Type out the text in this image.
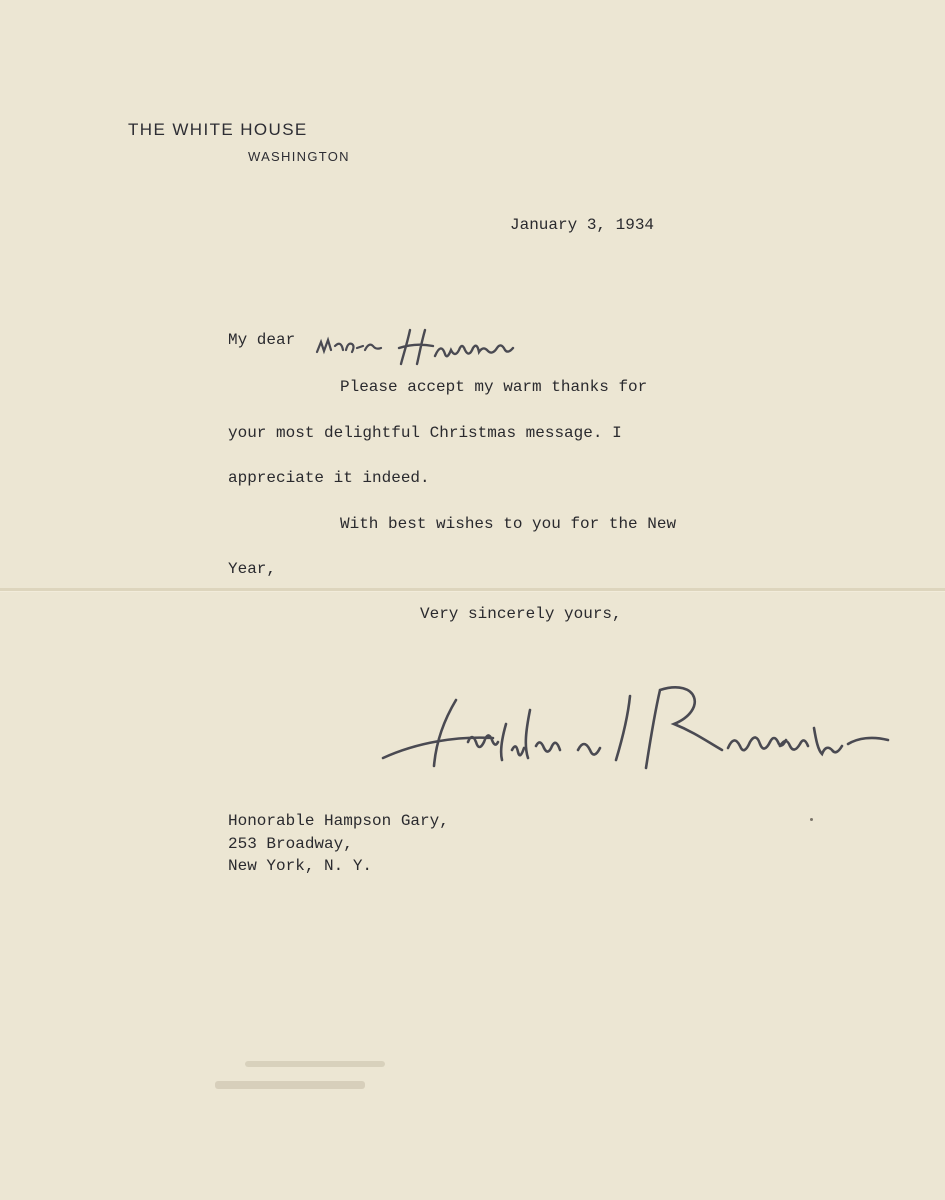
THE WHITE HOUSE
WASHINGTON
January 3, 1934
My dear
Please accept my warm thanks for
your most delightful Christmas message. I
appreciate it indeed.
With best wishes to you for the New
Year,
Very sincerely yours,
Honorable Hampson Gary,
253 Broadway,
New York, N. Y.
